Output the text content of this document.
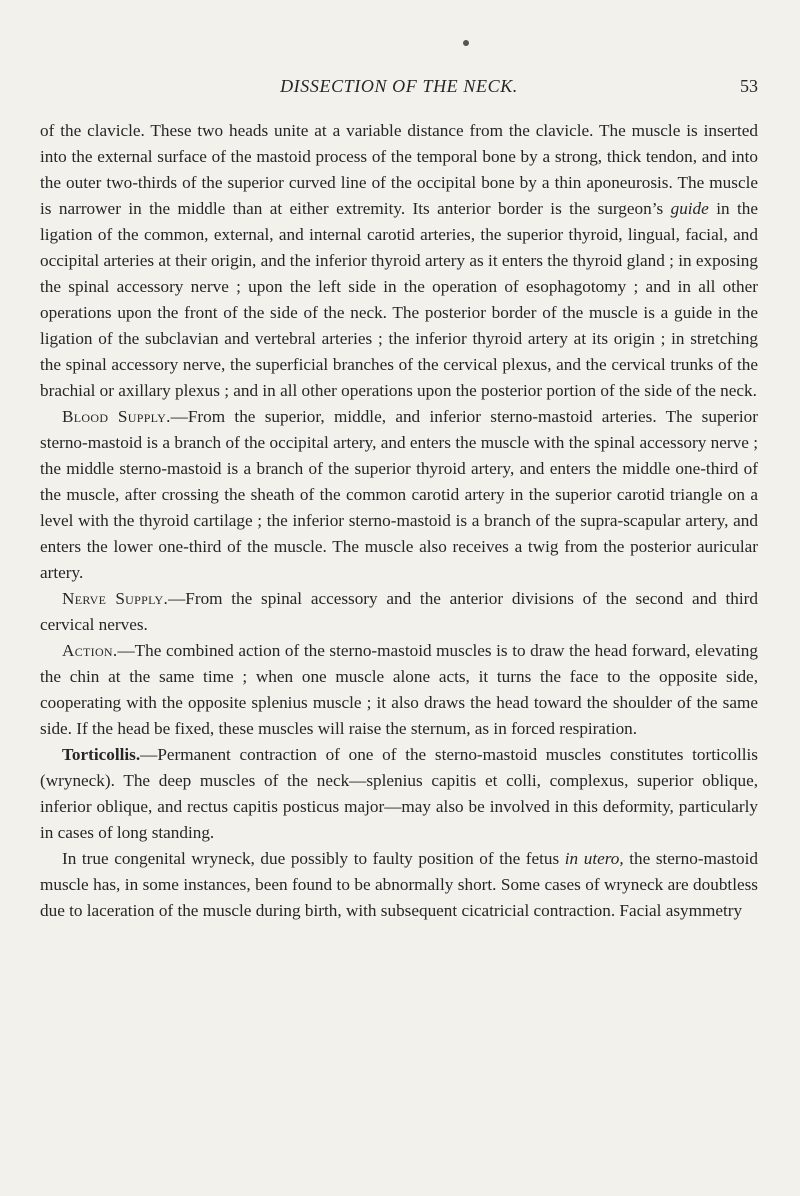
DISSECTION OF THE NECK.	53

of the clavicle. These two heads unite at a variable distance from the clavicle. The muscle is inserted into the external surface of the mastoid process of the temporal bone by a strong, thick tendon, and into the outer two-thirds of the superior curved line of the occipital bone by a thin aponeurosis. The muscle is narrower in the middle than at either extremity. Its anterior border is the surgeon’s guide in the ligation of the common, external, and internal carotid arteries, the superior thyroid, lingual, facial, and occipital arteries at their origin, and the inferior thyroid artery as it enters the thyroid gland ; in exposing the spinal accessory nerve ; upon the left side in the operation of esophagotomy ; and in all other operations upon the front of the side of the neck. The posterior border of the muscle is a guide in the ligation of the subclavian and vertebral arteries ; the inferior thyroid artery at its origin ; in stretching the spinal accessory nerve, the superficial branches of the cervical plexus, and the cervical trunks of the brachial or axillary plexus ; and in all other operations upon the posterior portion of the side of the neck.

Blood Supply.—From the superior, middle, and inferior sterno-mastoid arteries. The superior sterno-mastoid is a branch of the occipital artery, and enters the muscle with the spinal accessory nerve ; the middle sterno-mastoid is a branch of the superior thyroid artery, and enters the middle one-third of the muscle, after crossing the sheath of the common carotid artery in the superior carotid triangle on a level with the thyroid cartilage ; the inferior sterno-mastoid is a branch of the supra-scapular artery, and enters the lower one-third of the muscle. The muscle also receives a twig from the posterior auricular artery.

Nerve Supply.—From the spinal accessory and the anterior divisions of the second and third cervical nerves.

Action.—The combined action of the sterno-mastoid muscles is to draw the head forward, elevating the chin at the same time ; when one muscle alone acts, it turns the face to the opposite side, cooperating with the opposite splenius muscle ; it also draws the head toward the shoulder of the same side. If the head be fixed, these muscles will raise the sternum, as in forced respiration.

Torticollis.—Permanent contraction of one of the sterno-mastoid muscles constitutes torticollis (wryneck). The deep muscles of the neck—splenius capitis et colli, complexus, superior oblique, inferior oblique, and rectus capitis posticus major—may also be involved in this deformity, particularly in cases of long standing.

In true congenital wryneck, due possibly to faulty position of the fetus in utero, the sterno-mastoid muscle has, in some instances, been found to be abnormally short. Some cases of wryneck are doubtless due to laceration of the muscle during birth, with subsequent cicatricial contraction. Facial asymmetry
